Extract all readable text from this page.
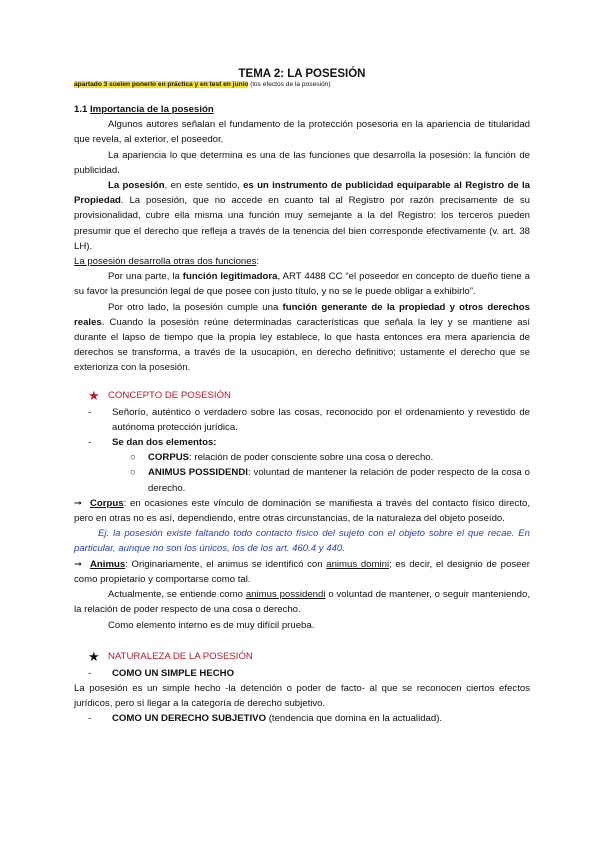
TEMA 2: LA POSESIÓN
apartado 3 suelen ponerlo en práctica y en test en junio (los efectos de la posesión)

1.1 Importancia de la posesión

Algunos autores señalan el fundamento de la protección posesoria en la apariencia de titularidad que revela, al exterior, el poseedor.

La apariencia lo que determina es una de las funciones que desarrolla la posesión: la función de publicidad.

La posesión, en este sentido, es un instrumento de publicidad equiparable al Registro de la Propiedad. La posesión, que no accede en cuanto tal al Registro por razón precisamente de su provisionalidad, cubre ella misma una función muy semejante a la del Registro: los terceros pueden presumir que el derecho que refleja a través de la tenencia del bien corresponde efectivamente (v. art. 38 LH).

La posesión desarrolla otras dos funciones:

Por una parte, la función legitimadora, ART 4488 CC “el poseedor en concepto de dueño tiene a su favor la presunción legal de que posee con justo título, y no se le puede obligar a exhibirlo”.

Por otro lado, la posesión cumple una función generante de la propiedad y otros derechos reales. Cuando la posesión reúne determinadas características que señala la ley y se mantiene así durante el lapso de tiempo que la propia ley establece, lo que hasta entonces era mera apariencia de derechos se transforma, a través de la usucapión, en derecho definitivo; ustamente el derecho que se exterioriza con la posesión.

★ CONCEPTO DE POSESIÓN
-	Señorío, auténtico o verdadero sobre las cosas, reconocido por el ordenamiento y revestido de autónoma protección jurídica.
-	Se dan dos elementos:
○	CORPUS: relación de poder consciente sobre una cosa o derecho.
○	ANIMUS POSSIDENDI: voluntad de mantener la relación de poder respecto de la cosa o derecho.

➞ Corpus: en ocasiones este vínculo de dominación se manifiesta a través del contacto físico directo, pero en otras no es así, dependiendo, entre otras circunstancias, de la naturaleza del objeto poseído.

Ej. la posesión existe faltando todo contacto físico del sujeto con el objeto sobre el que recae. En particular, aunque no son los únicos, los de los art. 460.4 y 440.

➞ Animus: Originariamente, el animus se identificó con animus domini; es decir, el designio de poseer como propietario y comportarse como tal.

Actualmente, se entiende como animus possidendi o voluntad de mantener, o seguir manteniendo, la relación de poder respecto de una cosa o derecho.

Como elemento interno es de muy difícil prueba.

★ NATURALEZA DE LA POSESIÓN
-	COMO UN SIMPLE HECHO

La posesión es un simple hecho -la detención o poder de facto- al que se reconocen ciertos efectos jurídicos, pero sí llegar a la categoría de derecho subjetivo.

-	COMO UN DERECHO SUBJETIVO (tendencia que domina en la actualidad).
